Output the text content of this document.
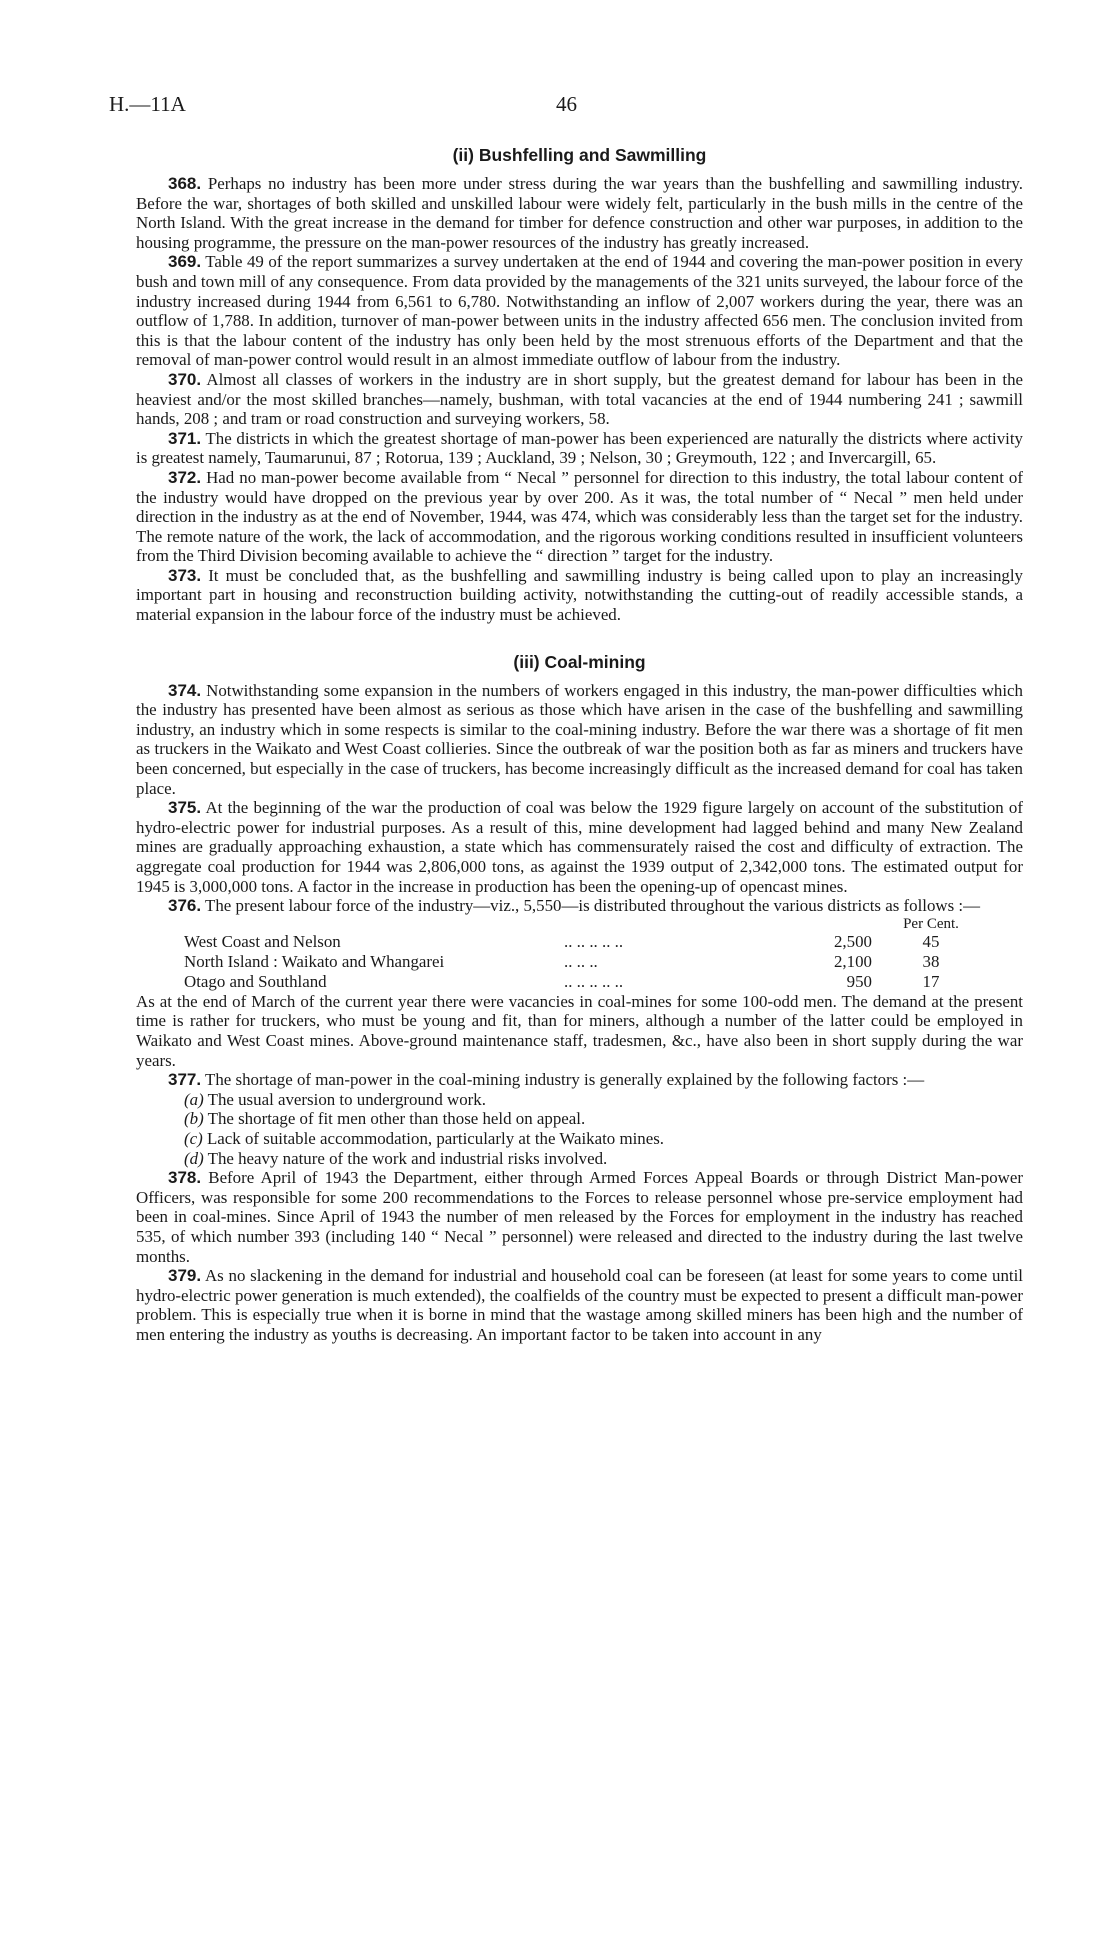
H.—11A	46
(ii) Bushfelling and Sawmilling

368. Perhaps no industry has been more under stress during the war years than the bushfelling and sawmilling industry. Before the war, shortages of both skilled and unskilled labour were widely felt, particularly in the bush mills in the centre of the North Island. With the great increase in the demand for timber for defence construction and other war purposes, in addition to the housing programme, the pressure on the man-power resources of the industry has greatly increased.

369. Table 49 of the report summarizes a survey undertaken at the end of 1944 and covering the man-power position in every bush and town mill of any consequence. From data provided by the managements of the 321 units surveyed, the labour force of the industry increased during 1944 from 6,561 to 6,780. Notwithstanding an inflow of 2,007 workers during the year, there was an outflow of 1,788. In addition, turnover of man-power between units in the industry affected 656 men. The conclusion invited from this is that the labour content of the industry has only been held by the most strenuous efforts of the Department and that the removal of man-power control would result in an almost immediate outflow of labour from the industry.

370. Almost all classes of workers in the industry are in short supply, but the greatest demand for labour has been in the heaviest and/or the most skilled branches—namely, bushman, with total vacancies at the end of 1944 numbering 241 ; sawmill hands, 208 ; and tram or road construction and surveying workers, 58.

371. The districts in which the greatest shortage of man-power has been experienced are naturally the districts where activity is greatest namely, Taumarunui, 87 ; Rotorua, 139 ; Auckland, 39 ; Nelson, 30 ; Greymouth, 122 ; and Invercargill, 65.

372. Had no man-power become available from “ Necal ” personnel for direction to this industry, the total labour content of the industry would have dropped on the previous year by over 200. As it was, the total number of “ Necal ” men held under direction in the industry as at the end of November, 1944, was 474, which was considerably less than the target set for the industry. The remote nature of the work, the lack of accommodation, and the rigorous working conditions resulted in insufficient volunteers from the Third Division becoming available to achieve the “ direction ” target for the industry.

373. It must be concluded that, as the bushfelling and sawmilling industry is being called upon to play an increasingly important part in housing and reconstruction building activity, notwithstanding the cutting-out of readily accessible stands, a material expansion in the labour force of the industry must be achieved.

(iii) Coal-mining

374. Notwithstanding some expansion in the numbers of workers engaged in this industry, the man-power difficulties which the industry has presented have been almost as serious as those which have arisen in the case of the bushfelling and sawmilling industry, an industry which in some respects is similar to the coal-mining industry. Before the war there was a shortage of fit men as truckers in the Waikato and West Coast collieries. Since the outbreak of war the position both as far as miners and truckers have been concerned, but especially in the case of truckers, has become increasingly difficult as the increased demand for coal has taken place.

375. At the beginning of the war the production of coal was below the 1929 figure largely on account of the substitution of hydro-electric power for industrial purposes. As a result of this, mine development had lagged behind and many New Zealand mines are gradually approaching exhaustion, a state which has commensurately raised the cost and difficulty of extraction. The aggregate coal production for 1944 was 2,806,000 tons, as against the 1939 output of 2,342,000 tons. The estimated output for 1945 is 3,000,000 tons. A factor in the increase in production has been the opening-up of opencast mines.

376. The present labour force of the industry—viz., 5,550—is distributed throughout the various districts as follows :—

			Per Cent.
West Coast and Nelson	.. .. .. .. ..	2,500	45
North Island : Waikato and Whangarei	.. .. ..	2,100	38
Otago and Southland	.. .. .. .. ..	950	17

As at the end of March of the current year there were vacancies in coal-mines for some 100-odd men. The demand at the present time is rather for truckers, who must be young and fit, than for miners, although a number of the latter could be employed in Waikato and West Coast mines. Above-ground maintenance staff, tradesmen, &c., have also been in short supply during the war years.

377. The shortage of man-power in the coal-mining industry is generally explained by the following factors :—

(a) The usual aversion to underground work.
(b) The shortage of fit men other than those held on appeal.
(c) Lack of suitable accommodation, particularly at the Waikato mines.
(d) The heavy nature of the work and industrial risks involved.

378. Before April of 1943 the Department, either through Armed Forces Appeal Boards or through District Man-power Officers, was responsible for some 200 recommendations to the Forces to release personnel whose pre-service employment had been in coal-mines. Since April of 1943 the number of men released by the Forces for employment in the industry has reached 535, of which number 393 (including 140 “ Necal ” personnel) were released and directed to the industry during the last twelve months.

379. As no slackening in the demand for industrial and household coal can be foreseen (at least for some years to come until hydro-electric power generation is much extended), the coalfields of the country must be expected to present a difficult man-power problem. This is especially true when it is borne in mind that the wastage among skilled miners has been high and the number of men entering the industry as youths is decreasing. An important factor to be taken into account in any
